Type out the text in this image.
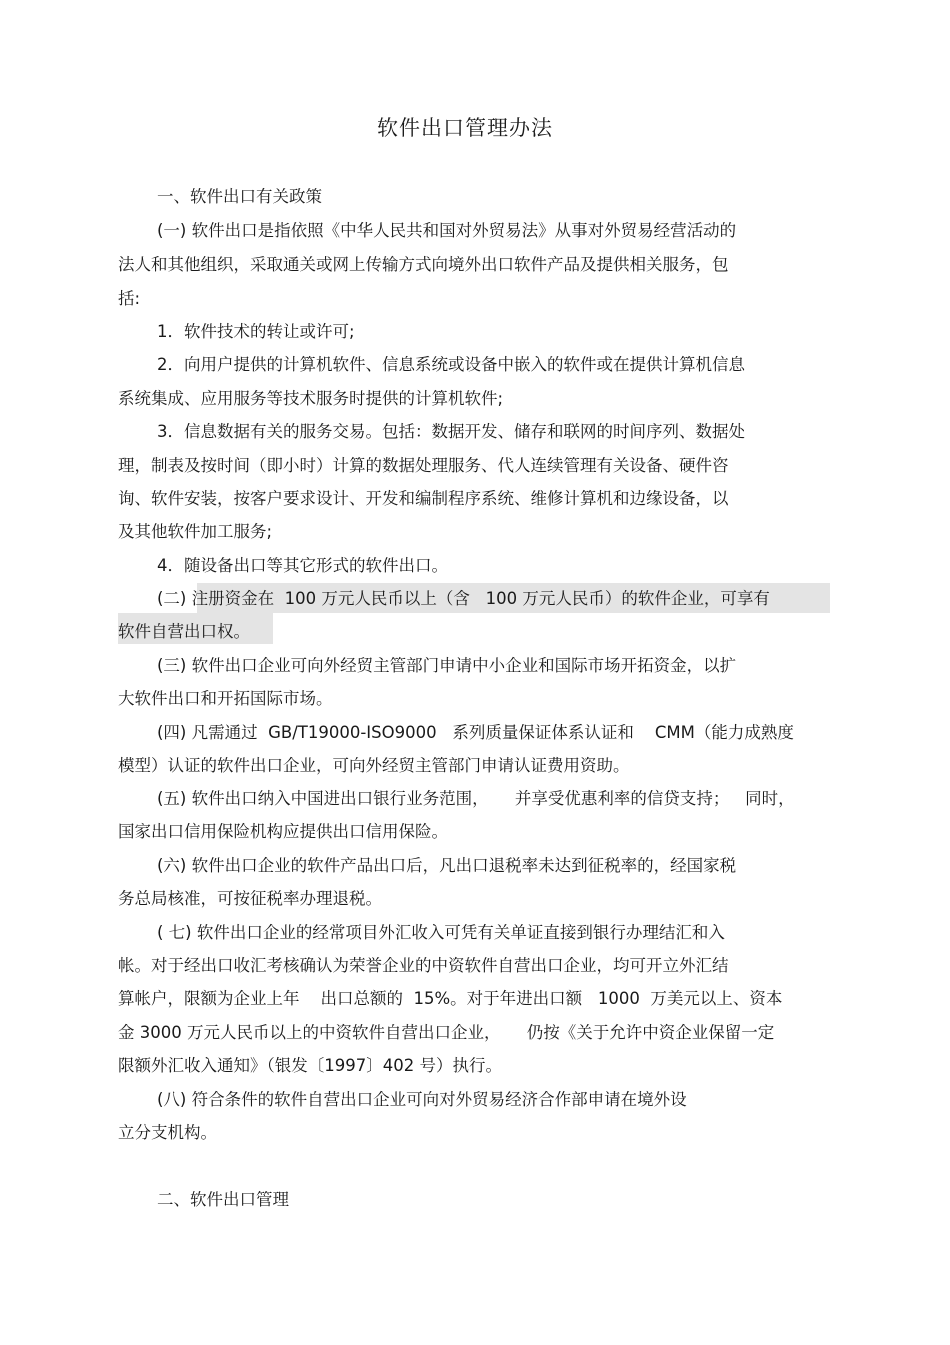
软件出口管理办法
一、软件出口有关政策
(一) 软件出口是指依照《中华人民共和国对外贸易法》从事对外贸易经营活动的
法人和其他组织，采取通关或网上传输方式向境外出口软件产品及提供相关服务，包
括:
1．软件技术的转让或许可;
2．向用户提供的计算机软件、信息系统或设备中嵌入的软件或在提供计算机信息
系统集成、应用服务等技术服务时提供的计算机软件;
3．信息数据有关的服务交易。包括：数据开发、储存和联网的时间序列、数据处
理，制表及按时间（即小时）计算的数据处理服务、代人连续管理有关设备、硬件咨
询、软件安装，按客户要求设计、开发和编制程序系统、维修计算机和边缘设备，以
及其他软件加工服务;
4．随设备出口等其它形式的软件出口。
(二) 注册资金在  100 万元人民币以上（含   100 万元人民币）的软件企业，可享有
软件自营出口权。
(三) 软件出口企业可向外经贸主管部门申请中小企业和国际市场开拓资金，以扩
大软件出口和开拓国际市场。
(四) 凡需通过  GB/T19000-ISO9000   系列质量保证体系认证和    CMM（能力成熟度
模型）认证的软件出口企业，可向外经贸主管部门申请认证费用资助。
(五) 软件出口纳入中国进出口银行业务范围，     并享受优惠利率的信贷支持；   同时，
国家出口信用保险机构应提供出口信用保险。
(六) 软件出口企业的软件产品出口后，凡出口退税率未达到征税率的，经国家税
务总局核准，可按征税率办理退税。
( 七) 软件出口企业的经常项目外汇收入可凭有关单证直接到银行办理结汇和入
帐。对于经出口收汇考核确认为荣誉企业的中资软件自营出口企业，均可开立外汇结
算帐户，限额为企业上年    出口总额的  15%。对于年进出口额   1000  万美元以上、资本
金 3000 万元人民币以上的中资软件自营出口企业，     仍按《关于允许中资企业保留一定
限额外汇收入通知》（银发〔1997〕402 号）执行。
(八) 符合条件的软件自营出口企业可向对外贸易经济合作部申请在境外设
立分支机构。
二、软件出口管理
